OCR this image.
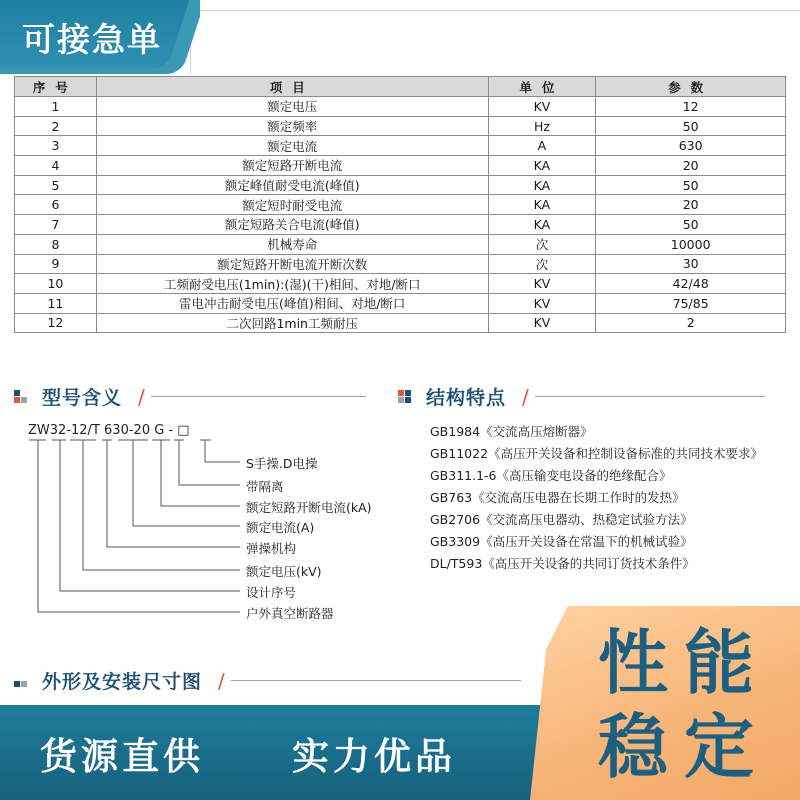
可接急单
序号	项目	单位	参数
1	额定电压	KV	12
2	额定频率	Hz	50
3	额定电流	A	630
4	额定短路开断电流	KA	20
5	额定峰值耐受电流(峰值)	KA	50
6	额定短时耐受电流	KA	20
7	额定短路关合电流(峰值)	KA	50
8	机械寿命	次	10000
9	额定短路开断电流开断次数	次	30
10	工频耐受电压(1min):(湿)(干)相间、对地/断口	KV	42/48
11	雷电冲击耐受电压(峰值)相间、对地/断口	KV	75/85
12	二次回路1min工频耐压	KV	2
型号含义 /
ZW32-12/T 630-20 G - □
S手操.D电操
带隔离
额定短路开断电流(kA)
额定电流(A)
弹操机构
额定电压(kV)
设计序号
户外真空断路器
结构特点 /
GB1984《交流高压熔断器》
GB11022《高压开关设备和控制设备标准的共同技术要求》
GB311.1-6《高压输变电设备的绝缘配合》
GB763《交流高压电器在长期工作时的发热》
GB2706《交流高压电器动、热稳定试验方法》
GB3309《高压开关设备在常温下的机械试验》
DL/T593《高压开关设备的共同订货技术条件》
外形及安装尺寸图 /
货源直供 实力优品
性能
稳定
